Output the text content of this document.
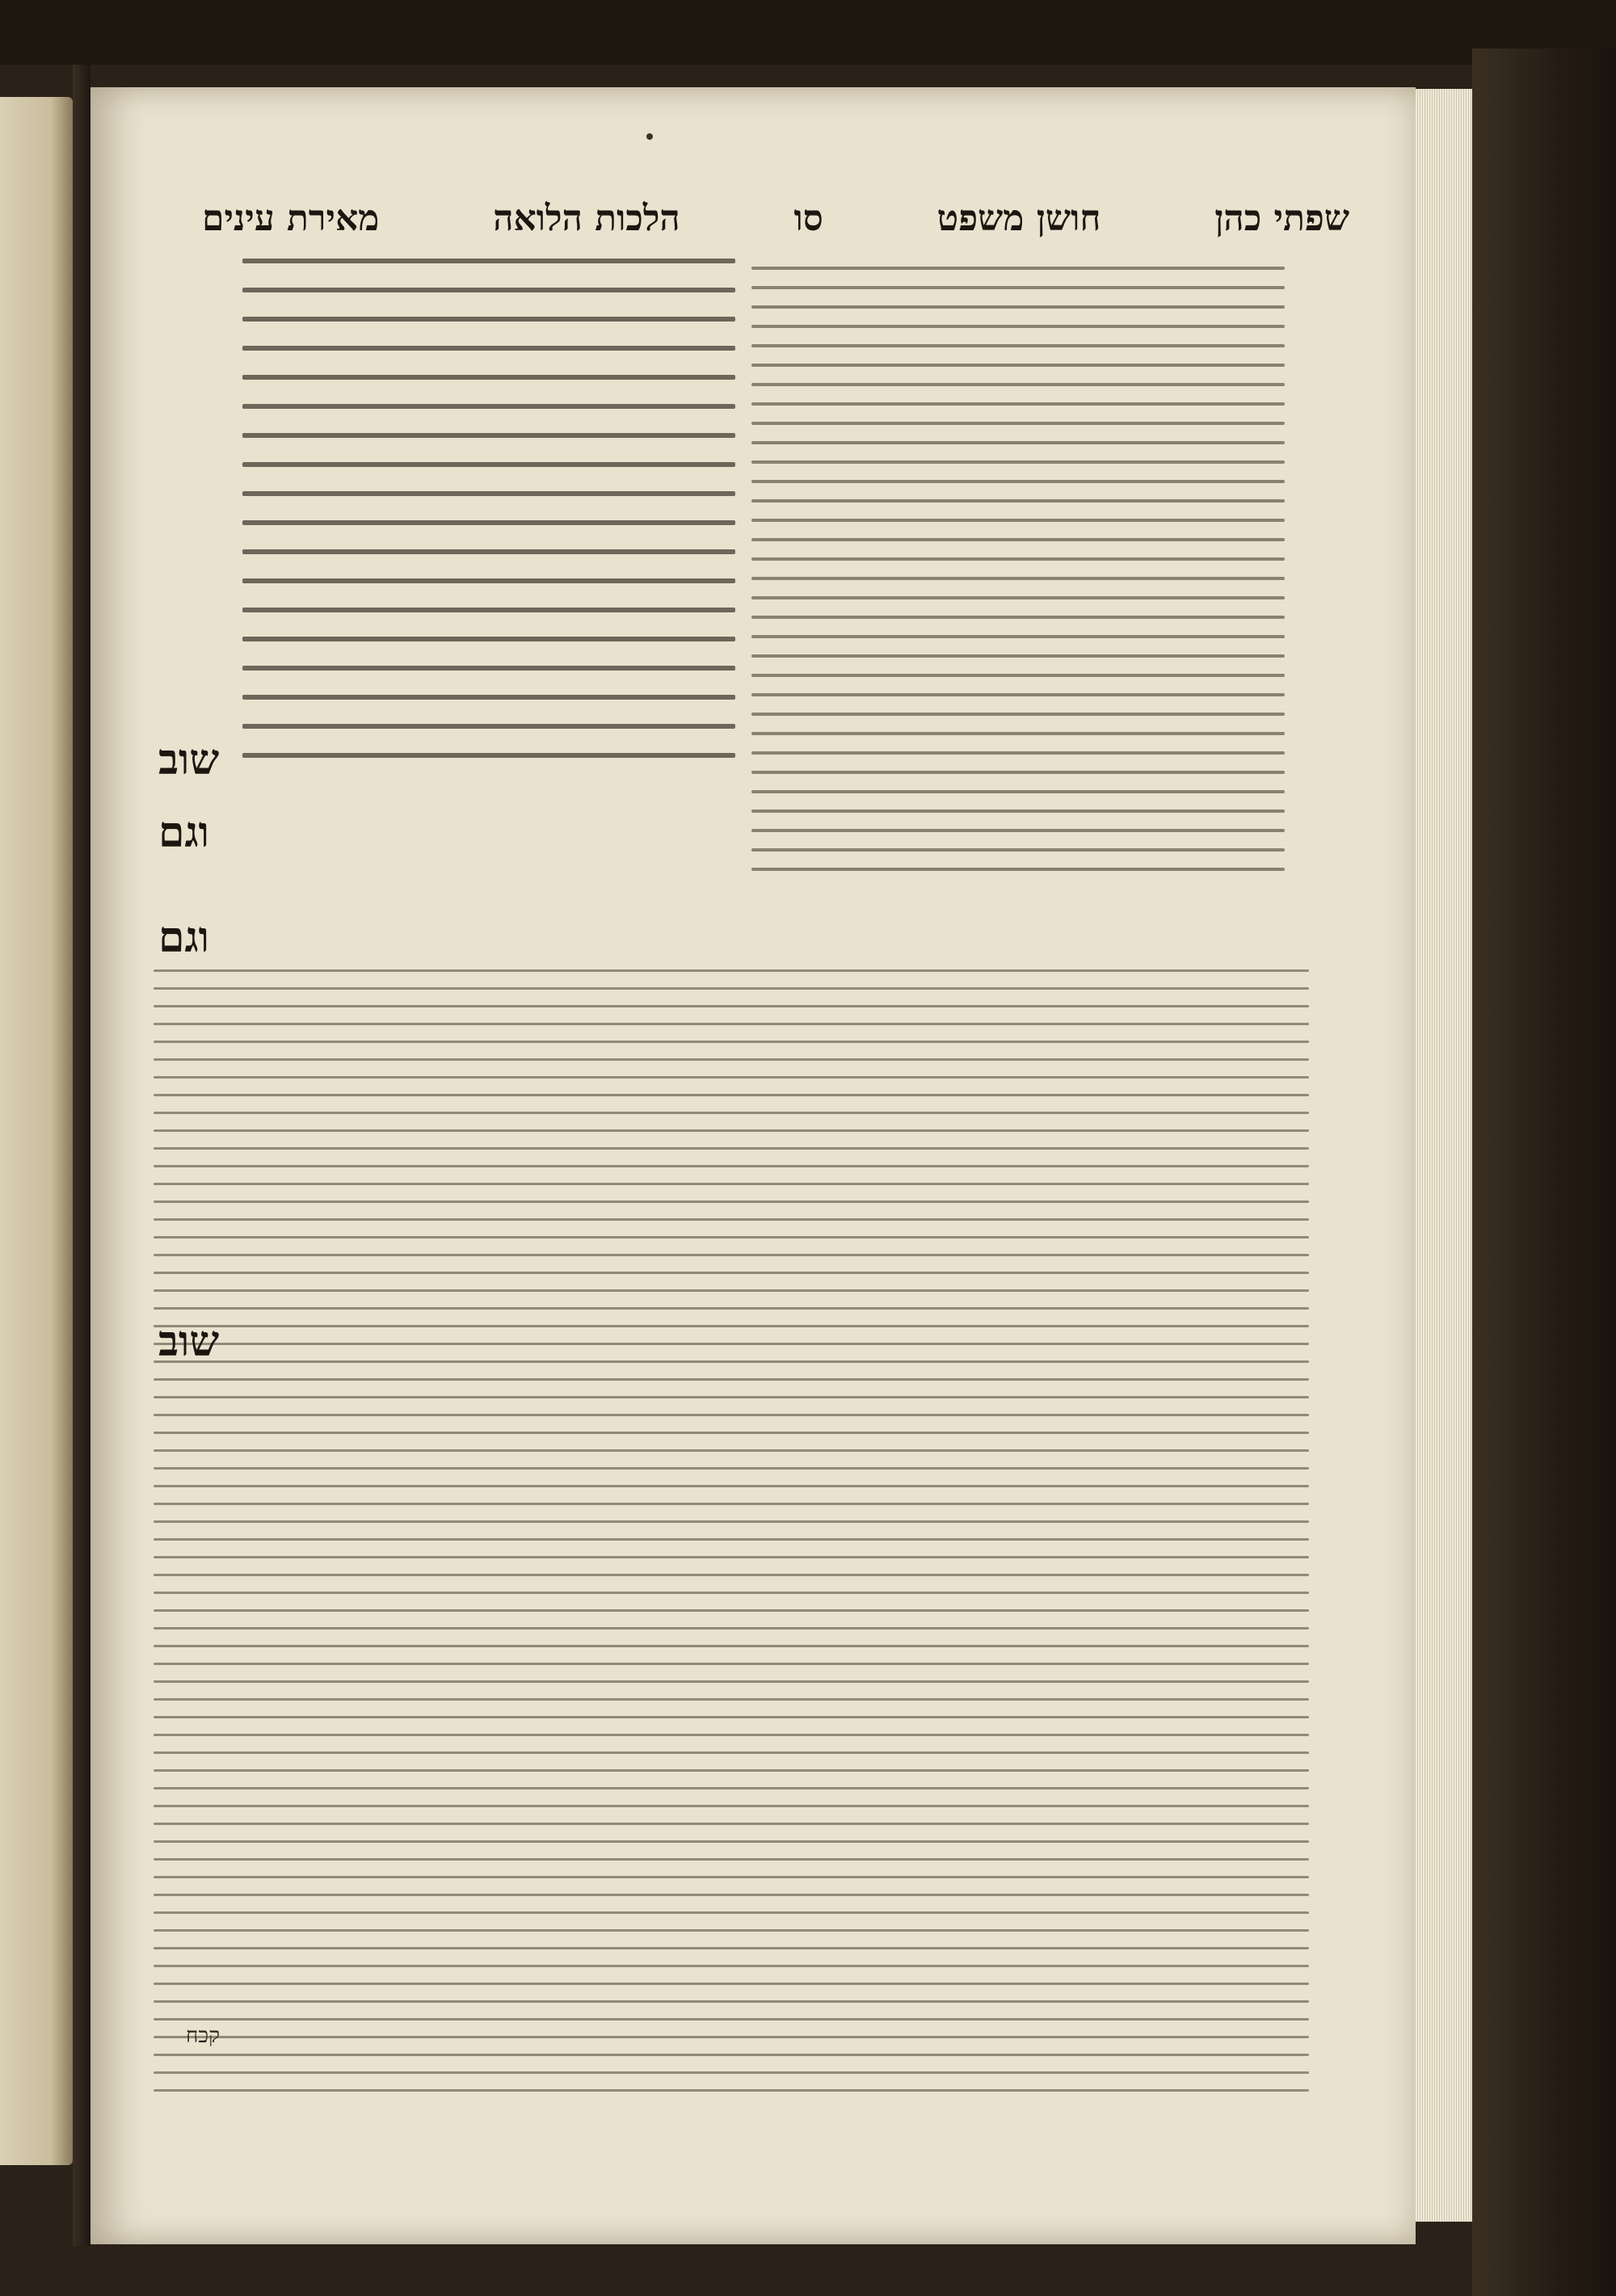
שפתי כהן
חושן משפט
סו
הלכות הלואה
מאירת עינים
שוב
וגם
וגם
שוב
קכח
